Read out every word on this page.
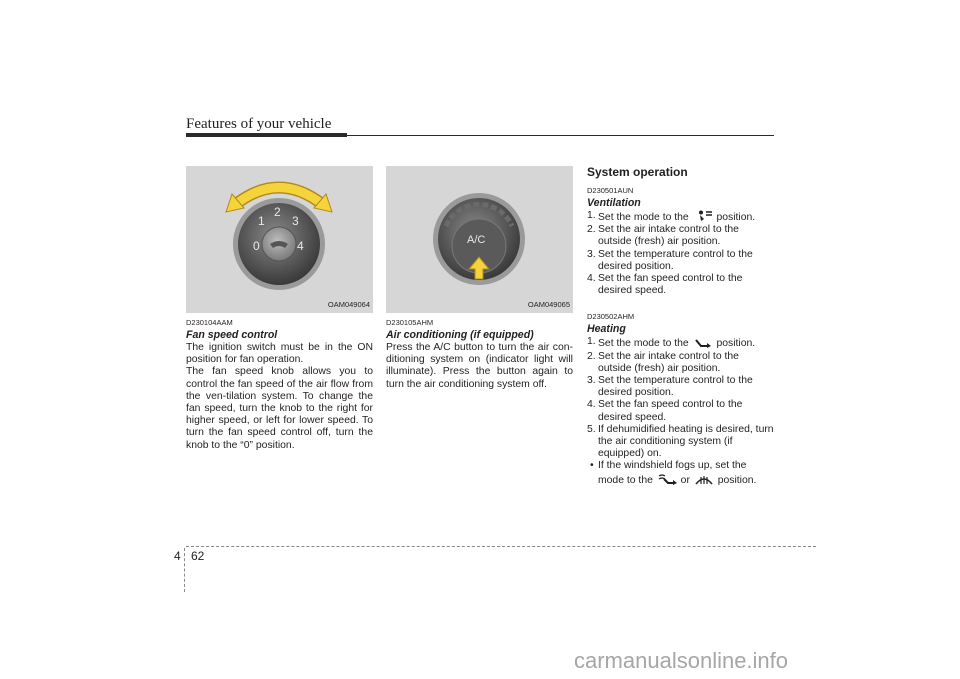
Features of your vehicle
0
1
2
3
4
OAM049064
D230104AAM
Fan speed control

The ignition switch must be in the ON position for fan operation.

The fan speed knob allows you to control the fan speed of the air flow from the ven-tilation system. To change the fan speed, turn the knob to the right for higher speed, or left for lower speed. To turn the fan speed control off, turn the knob to the “0” position.

A/C
OAM049065
D230105AHM
Air conditioning (if equipped)

Press the A/C button to turn the air con-ditioning system on (indicator light will illuminate). Press the button again to turn the air conditioning system off.

System operation
D230501AUN
Ventilation
1. Set the mode to the	position.
2. Set the air intake control to the outside (fresh) air position.
3. Set the temperature control to the desired position.
4. Set the fan speed control to the desired speed.
D230502AHM
Heating
1. Set the mode to the	position.
2. Set the air intake control to the outside (fresh) air position.
3. Set the temperature control to the desired position.
4. Set the fan speed control to the desired speed.
5. If dehumidified heating is desired, turn the air conditioning system (if equipped) on.
• If the windshield fogs up, set the mode to the	or	position.
4 62
carmanualsonline.info
